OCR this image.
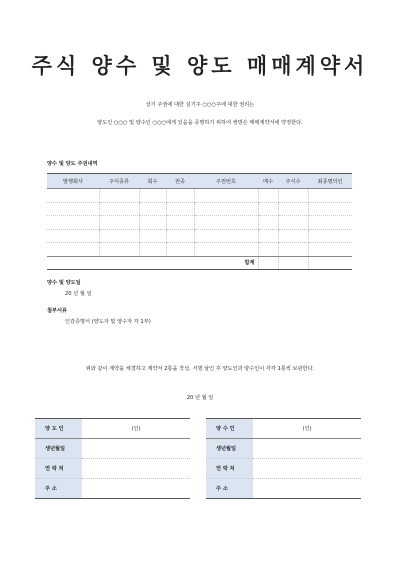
주식 양수 및 양도 매매계약서
상기 주권에 대한 실기주 ○○○주에 대한 권리는
양도인 ○○○ 및 양수인 ○○○에게 있음을 증명하기 위하여 쌍방은 매매계약서에 약정한다.
양수 및 양도 주권내역
발행회사	주식종류	회수	권종	주권번호	매수	주식수	최종명의인

합계							
양수 및 양도일
20 년 월 일
첨부서류
인감증명서 (양도자 및 양수자 각 1부)
위와 같이 계약을 체결하고 계약서 2통을 작성, 서명 날인 후 양도인과 양수인이 각각 1통씩 보관한다.
20 년 월 일
양 도 인	(인)
생년월일	
연 락 처	
주 소	
양 수 인	(인)
생년월일	
연 락 처	
주 소	
